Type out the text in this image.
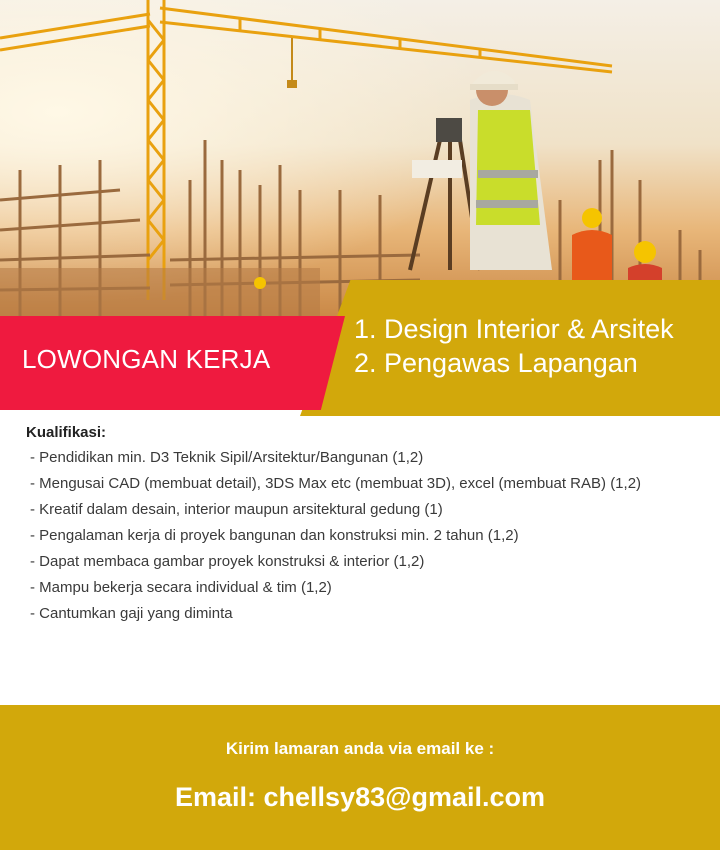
1. Design Interior & Arsitek
2. Pengawas Lapangan
LOWONGAN KERJA
Kualifikasi:
- Pendidikan min. D3 Teknik Sipil/Arsitektur/Bangunan (1,2)
- Mengusai CAD (membuat detail), 3DS Max etc (membuat 3D), excel (membuat RAB) (1,2)
- Kreatif dalam desain, interior maupun arsitektural gedung (1)
- Pengalaman kerja di proyek bangunan dan konstruksi min. 2 tahun (1,2)
- Dapat membaca gambar proyek konstruksi & interior (1,2)
- Mampu bekerja secara individual & tim (1,2)
- Cantumkan gaji yang diminta
Kirim lamaran anda via email ke :
Email: chellsy83@gmail.com
